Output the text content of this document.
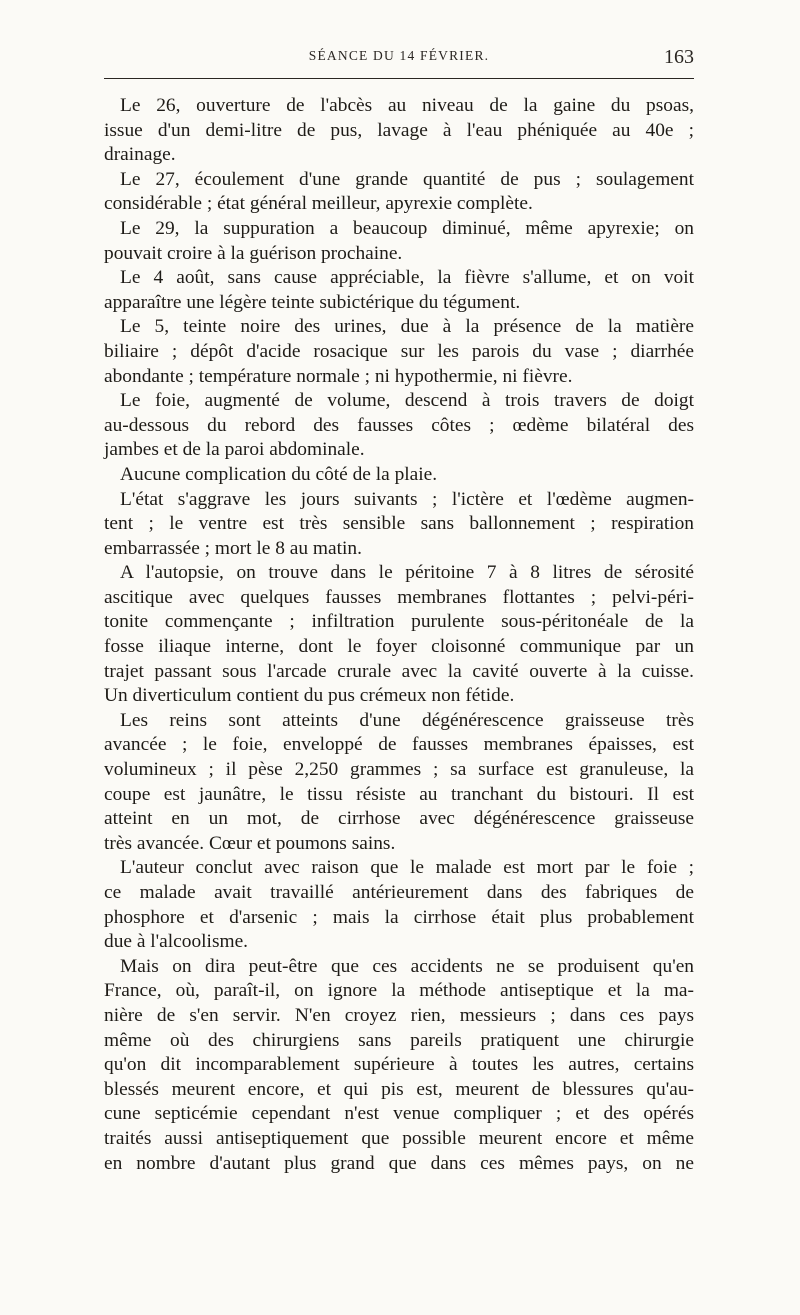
SÉANCE DU 14 FÉVRIER.	163

Le 26, ouverture de l'abcès au niveau de la gaine du psoas,
issue d'un demi-litre de pus, lavage à l'eau phéniquée au 40e ;
drainage.

Le 27, écoulement d'une grande quantité de pus ; soulagement
considérable ; état général meilleur, apyrexie complète.

Le 29, la suppuration a beaucoup diminué, même apyrexie; on
pouvait croire à la guérison prochaine.

Le 4 août, sans cause appréciable, la fièvre s'allume, et on voit
apparaître une légère teinte subictérique du tégument.

Le 5, teinte noire des urines, due à la présence de la matière
biliaire ; dépôt d'acide rosacique sur les parois du vase ; diarrhée
abondante ; température normale ; ni hypothermie, ni fièvre.

Le foie, augmenté de volume, descend à trois travers de doigt
au-dessous du rebord des fausses côtes ; œdème bilatéral des
jambes et de la paroi abdominale.

Aucune complication du côté de la plaie.

L'état s'aggrave les jours suivants ; l'ictère et l'œdème augmen-
tent ; le ventre est très sensible sans ballonnement ; respiration
embarrassée ; mort le 8 au matin.

A l'autopsie, on trouve dans le péritoine 7 à 8 litres de sérosité
ascitique avec quelques fausses membranes flottantes ; pelvi-péri-
tonite commençante ; infiltration purulente sous-péritonéale de la
fosse iliaque interne, dont le foyer cloisonné communique par un
trajet passant sous l'arcade crurale avec la cavité ouverte à la cuisse.
Un diverticulum contient du pus crémeux non fétide.

Les reins sont atteints d'une dégénérescence graisseuse très
avancée ; le foie, enveloppé de fausses membranes épaisses, est
volumineux ; il pèse 2,250 grammes ; sa surface est granuleuse, la
coupe est jaunâtre, le tissu résiste au tranchant du bistouri. Il est
atteint en un mot, de cirrhose avec dégénérescence graisseuse
très avancée. Cœur et poumons sains.

L'auteur conclut avec raison que le malade est mort par le foie ;
ce malade avait travaillé antérieurement dans des fabriques de
phosphore et d'arsenic ; mais la cirrhose était plus probablement
due à l'alcoolisme.

Mais on dira peut-être que ces accidents ne se produisent qu'en
France, où, paraît-il, on ignore la méthode antiseptique et la ma-
nière de s'en servir. N'en croyez rien, messieurs ; dans ces pays
même où des chirurgiens sans pareils pratiquent une chirurgie
qu'on dit incomparablement supérieure à toutes les autres, certains
blessés meurent encore, et qui pis est, meurent de blessures qu'au-
cune septicémie cependant n'est venue compliquer ; et des opérés
traités aussi antiseptiquement que possible meurent encore et même
en nombre d'autant plus grand que dans ces mêmes pays, on ne
